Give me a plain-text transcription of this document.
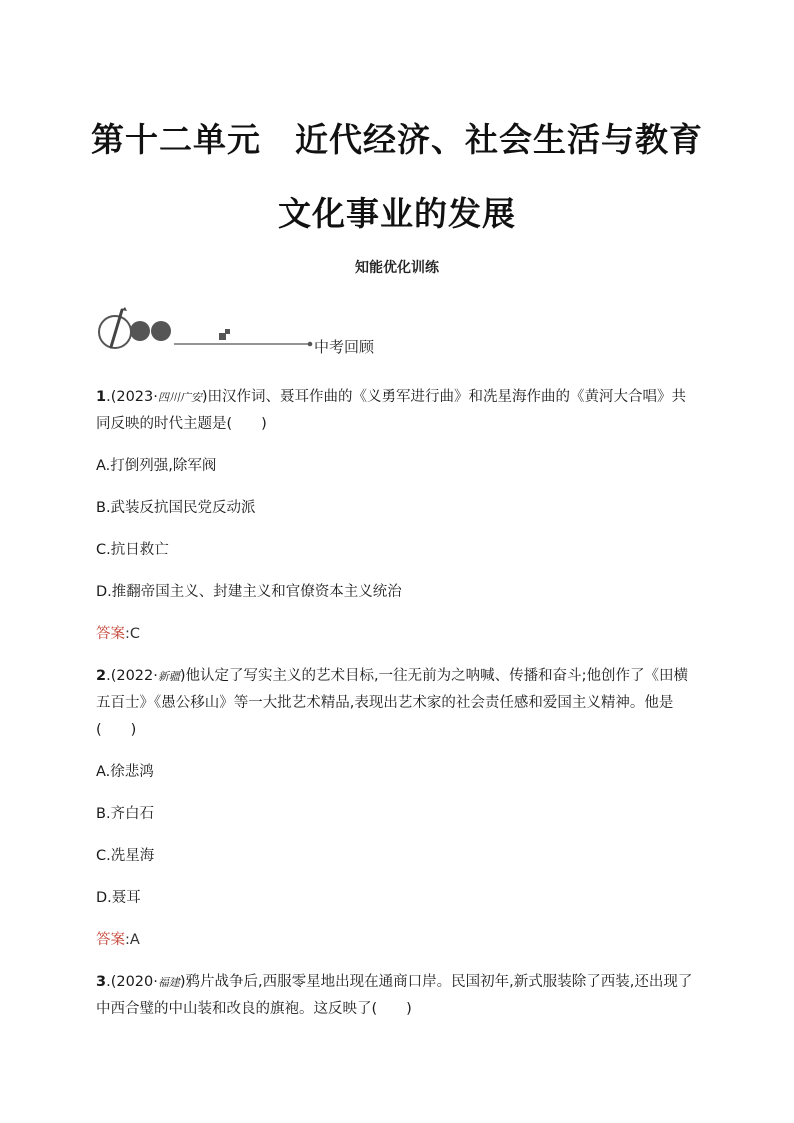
第十二单元　近代经济、社会生活与教育
文化事业的发展
知能优化训练
中考回顾
1.(2023·四川广安)田汉作词、聂耳作曲的《义勇军进行曲》和冼星海作曲的《黄河大合唱》共同反映的时代主题是(　　)
A.打倒列强,除军阀
B.武装反抗国民党反动派
C.抗日救亡
D.推翻帝国主义、封建主义和官僚资本主义统治
答案:C
2.(2022·新疆)他认定了写实主义的艺术目标,一往无前为之呐喊、传播和奋斗;他创作了《田横五百士》《愚公移山》等一大批艺术精品,表现出艺术家的社会责任感和爱国主义精神。他是(　　)
A.徐悲鸿
B.齐白石
C.冼星海
D.聂耳
答案:A
3.(2020·福建)鸦片战争后,西服零星地出现在通商口岸。民国初年,新式服装除了西装,还出现了中西合璧的中山装和改良的旗袍。这反映了(　　)
